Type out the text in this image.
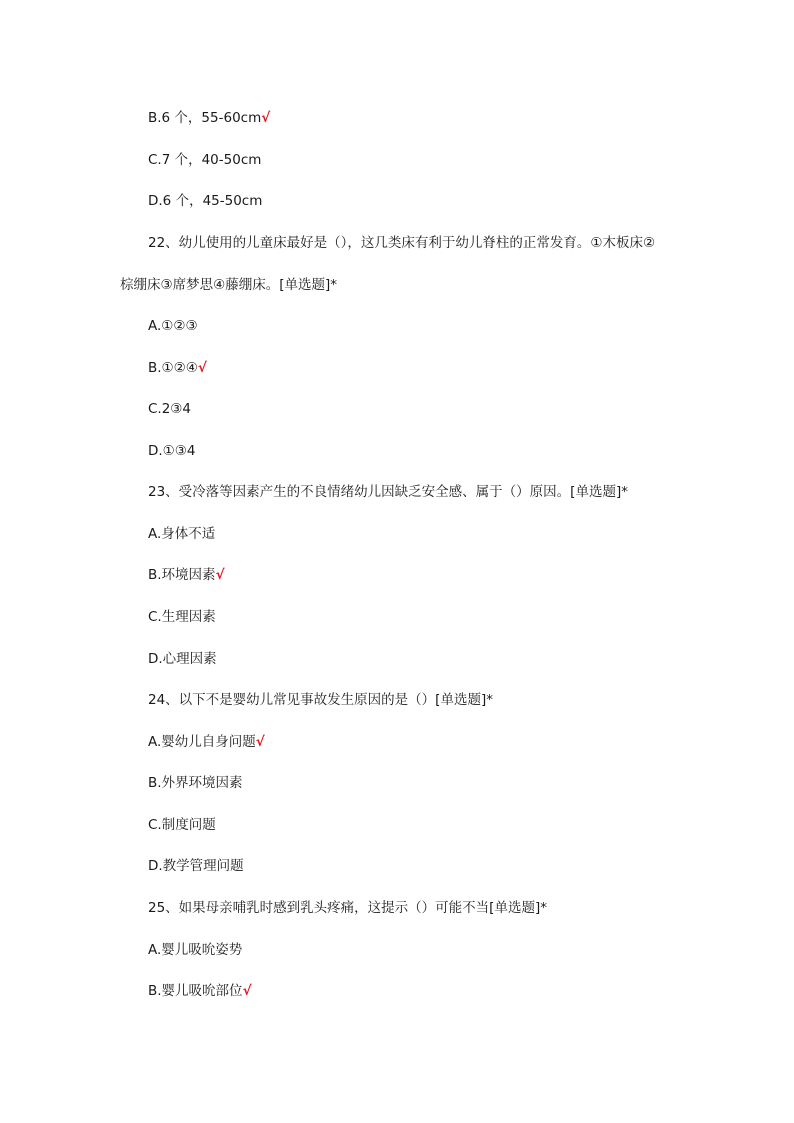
B.6 个，55-60cm√
C.7 个，40-50cm
D.6 个，45-50cm
22、幼儿使用的儿童床最好是（），这几类床有利于幼儿脊柱的正常发育。①木板床②
棕绷床③席梦思④藤绷床。[单选题]*
A.①②③
B.①②④√
C.2③4
D.①③4
23、受冷落等因素产生的不良情绪幼儿因缺乏安全感、属于（）原因。[单选题]*
A.身体不适
B.环境因素√
C.生理因素
D.心理因素
24、以下不是婴幼儿常见事故发生原因的是（）[单选题]*
A.婴幼儿自身问题√
B.外界环境因素
C.制度问题
D.教学管理问题
25、如果母亲哺乳时感到乳头疼痛，这提示（）可能不当[单选题]*
A.婴儿吸吮姿势
B.婴儿吸吮部位√
